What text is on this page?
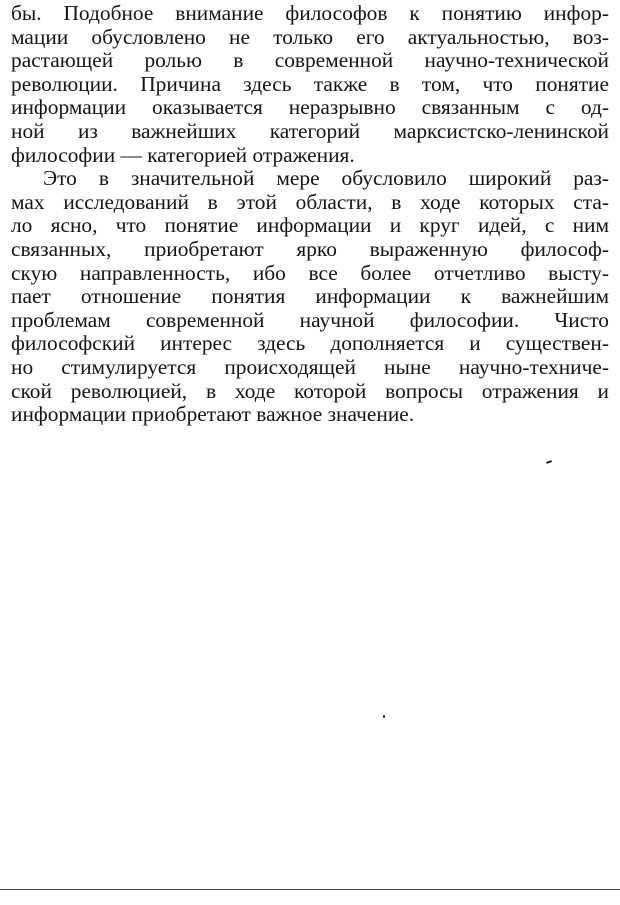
бы. Подобное внимание философов к понятию инфор-
мации обусловлено не только его актуальностью, воз-
растающей ролью в современной научно-технической
революции. Причина здесь также в том, что понятие
информации оказывается неразрывно связанным с од-
ной из важнейших категорий марксистско-ленинской
философии — категорией отражения.
Это в значительной мере обусловило широкий раз-
мах исследований в этой области, в ходе которых ста-
ло ясно, что понятие информации и круг идей, с ним
связанных, приобретают ярко выраженную философ-
скую направленность, ибо все более отчетливо высту-
пает отношение понятия информации к важнейшим
проблемам современной научной философии. Чисто
философский интерес здесь дополняется и существен-
но стимулируется происходящей ныне научно-техниче-
ской революцией, в ходе которой вопросы отражения и
информации приобретают важное значение.
